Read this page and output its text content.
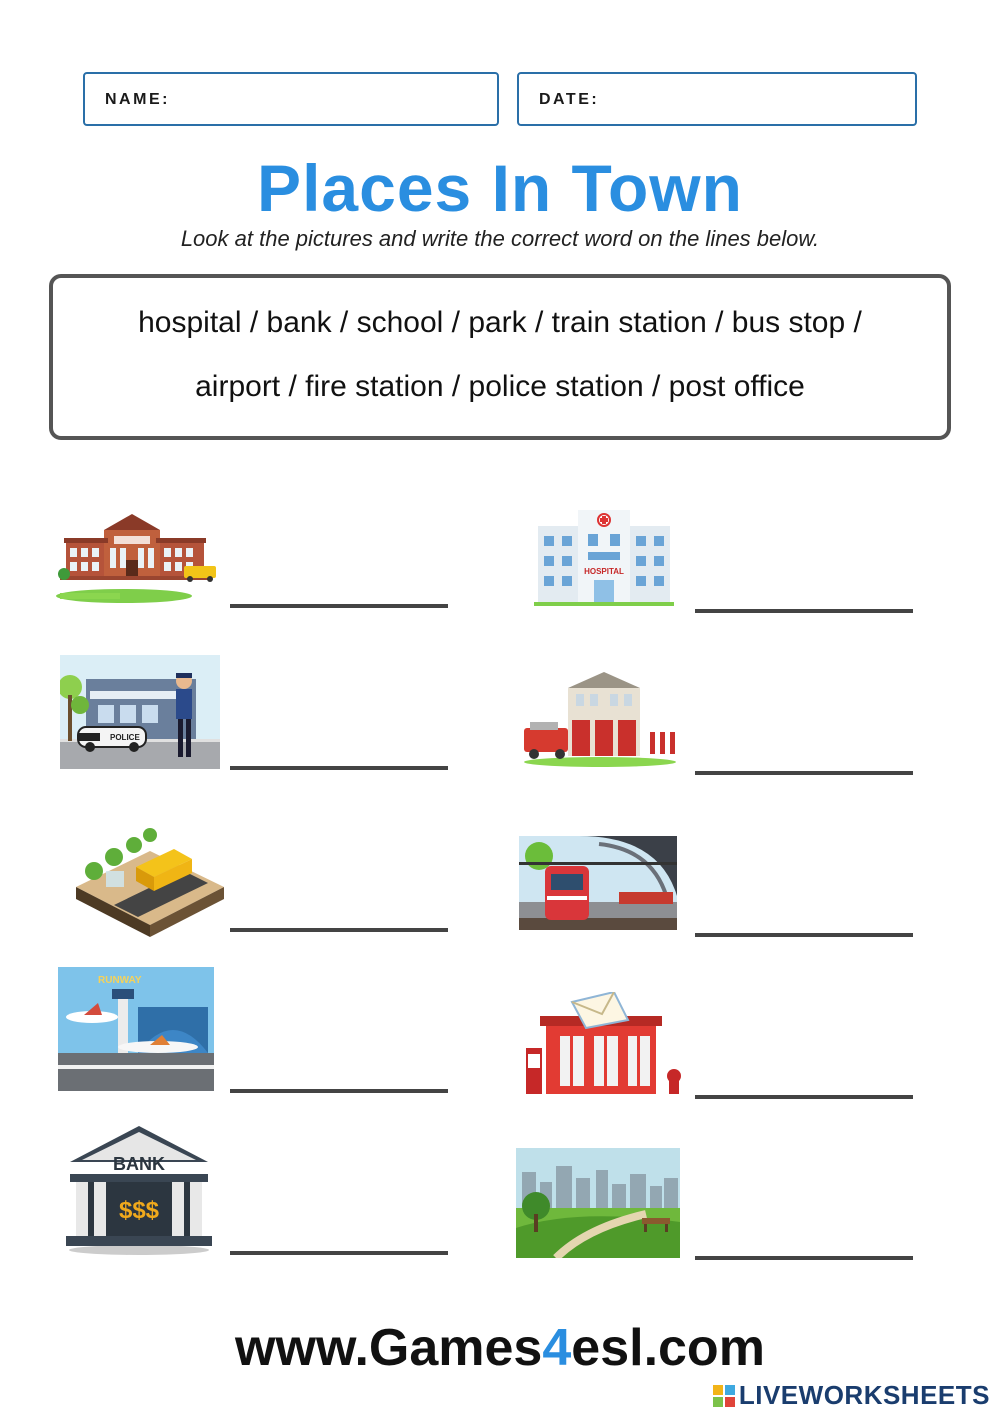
NAME:	DATE:
Places In Town
Look at the pictures and write the correct word on the lines below.
hospital / bank / school / park / train station / bus stop /
airport / fire station / police station / post office
POLICE
RUNWAY
BANK
$$$
HOSPITAL
www.Games4esl.com
LIVEWORKSHEETS
